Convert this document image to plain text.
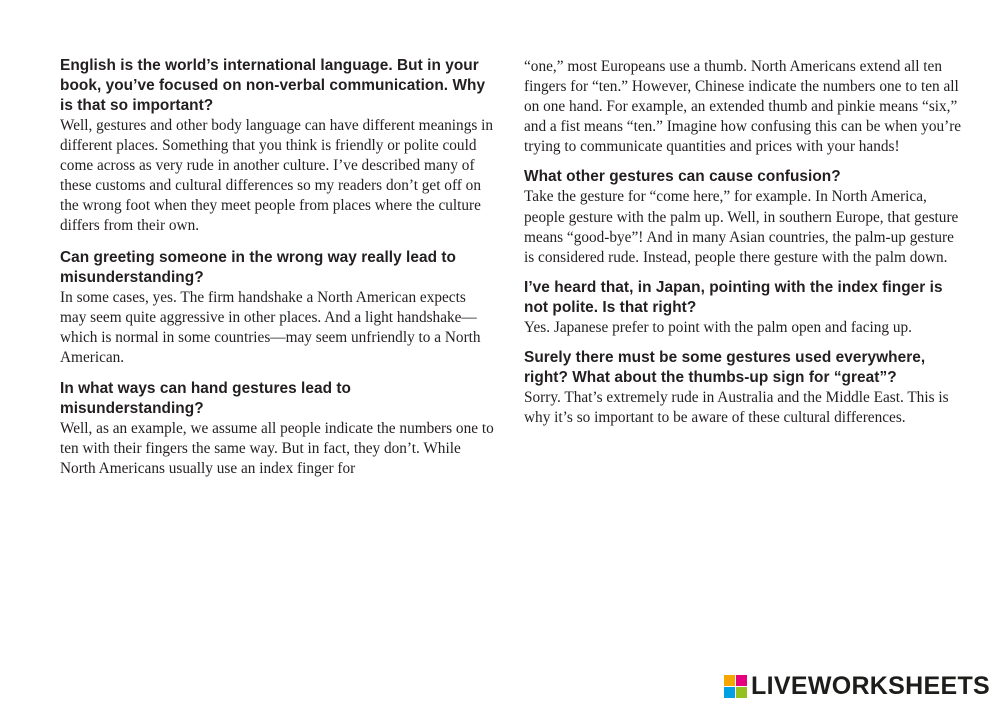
English is the world’s international language. But in your book, you’ve focused on non-verbal communication. Why is that so important?

Well, gestures and other body language can have different meanings in different places. Something that you think is friendly or polite could come across as very rude in another culture. I’ve described many of these customs and cultural differences so my readers don’t get off on the wrong foot when they meet people from places where the culture differs from their own.

Can greeting someone in the wrong way really lead to misunderstanding?

In some cases, yes. The firm handshake a North American expects may seem quite aggressive in other places. And a light handshake—which is normal in some countries—may seem unfriendly to a North American.

In what ways can hand gestures lead to misunderstanding?

Well, as an example, we assume all people indicate the numbers one to ten with their fingers the same way. But in fact, they don’t. While North Americans usually use an index finger for

“one,” most Europeans use a thumb. North Americans extend all ten fingers for “ten.” However, Chinese indicate the numbers one to ten all on one hand. For example, an extended thumb and pinkie means “six,” and a fist means “ten.” Imagine how confusing this can be when you’re trying to communicate quantities and prices with your hands!

What other gestures can cause confusion?

Take the gesture for “come here,” for example. In North America, people gesture with the palm up. Well, in southern Europe, that gesture means “good-bye”! And in many Asian countries, the palm-up gesture is considered rude. Instead, people there gesture with the palm down.

I’ve heard that, in Japan, pointing with the index finger is not polite. Is that right?

Yes. Japanese prefer to point with the palm open and facing up.

Surely there must be some gestures used everywhere, right? What about the thumbs-up sign for “great”?

Sorry. That’s extremely rude in Australia and the Middle East. This is why it’s so important to be aware of these cultural differences.

LIVEWORKSHEETS
